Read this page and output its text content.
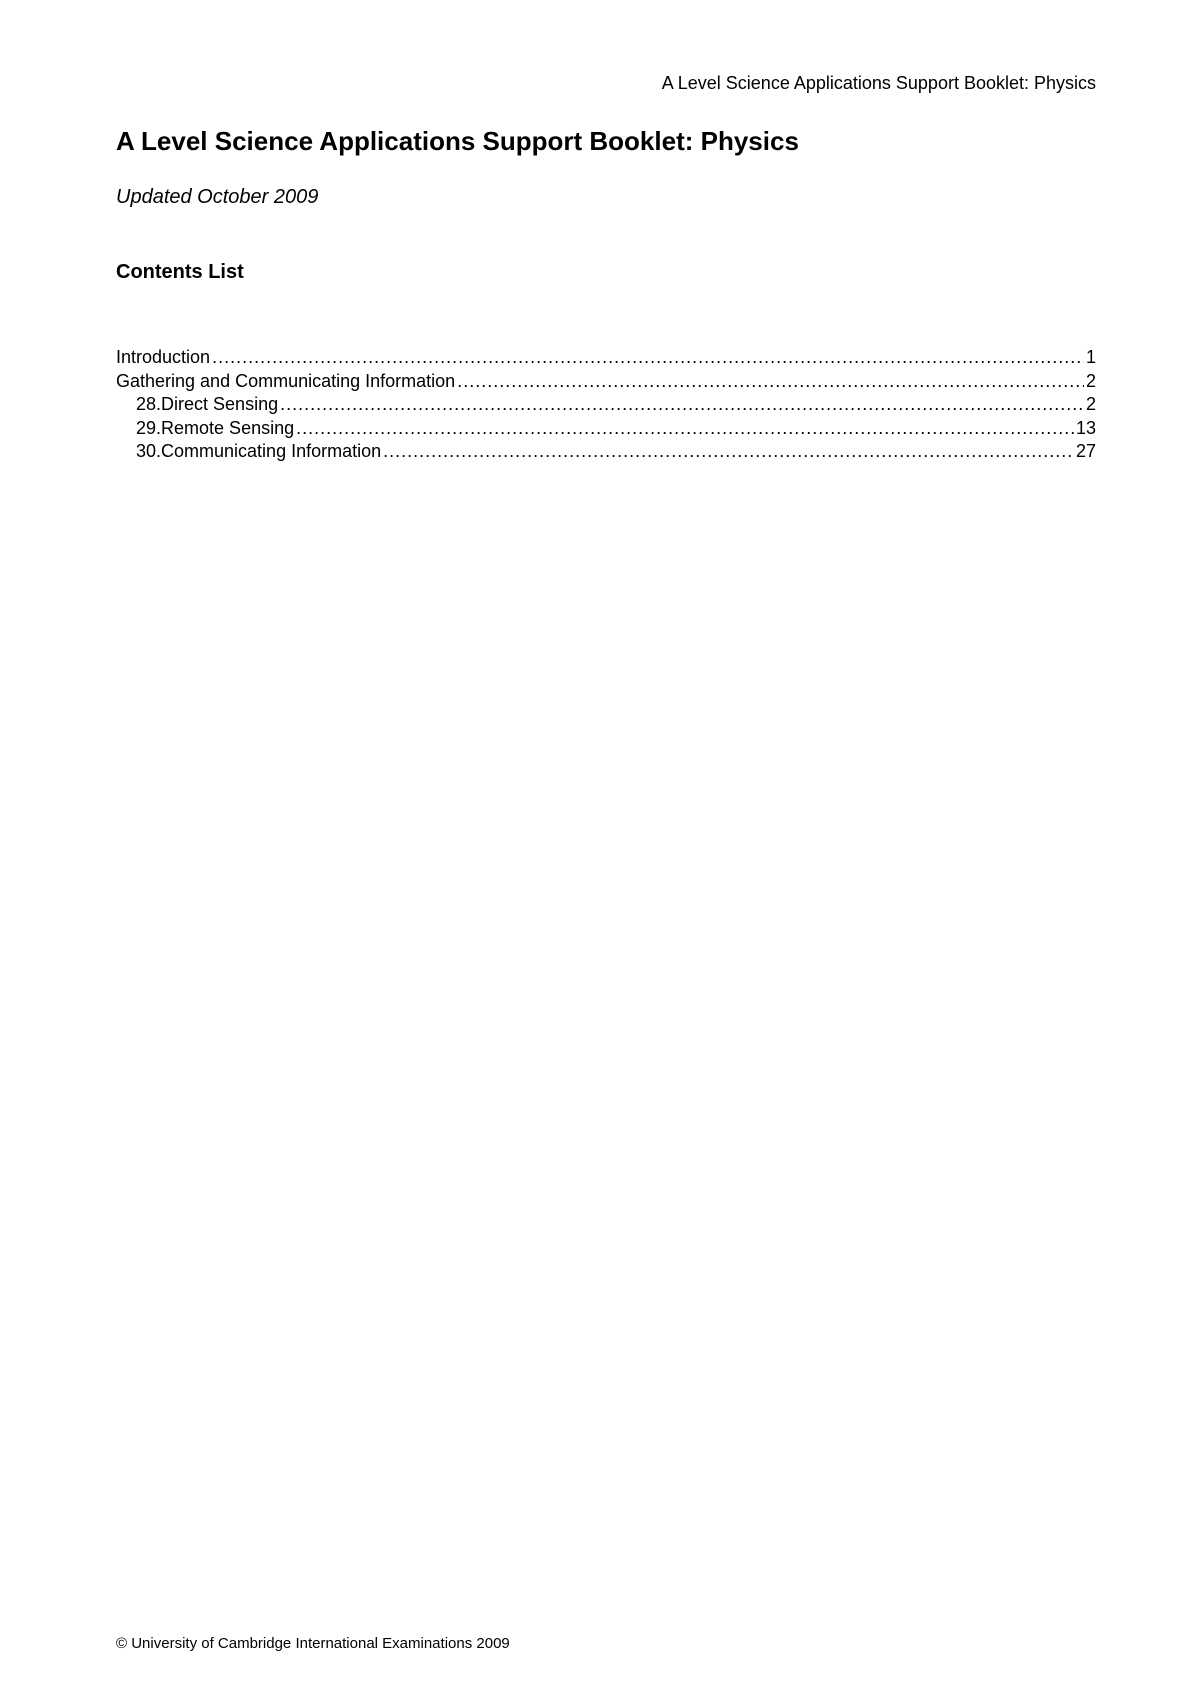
A Level Science Applications Support Booklet: Physics
A Level Science Applications Support Booklet: Physics

Updated October 2009

Contents List
Introduction .....	1
Gathering and Communicating Information .....	2
28. Direct Sensing .....	2
29. Remote Sensing .....	13
30. Communicating Information .....	27
© University of Cambridge International Examinations 2009
